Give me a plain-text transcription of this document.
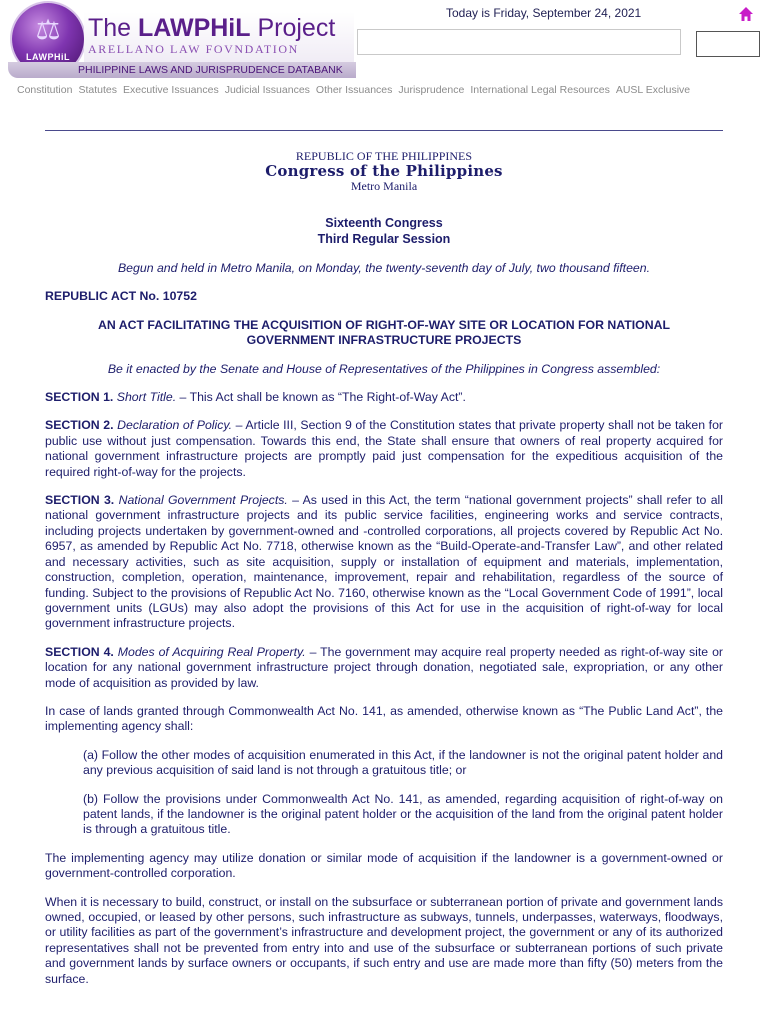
⚖
LAWPHiL
The LAWPHiL Project
ARELLANO LAW FOVNDATION
PHILIPPINE LAWS AND JURISPRUDENCE DATABANK
Today is Friday, September 24, 2021
Constitution Statutes Executive Issuances Judicial Issuances Other Issuances Jurisprudence International Legal Resources AUSL Exclusive
REPUBLIC OF THE PHILIPPINES
Congress of the Philippines
Metro Manila
Sixteenth Congress
Third Regular Session
Begun and held in Metro Manila, on Monday, the twenty-seventh day of July, two thousand fifteen.
REPUBLIC ACT No. 10752
AN ACT FACILITATING THE ACQUISITION OF RIGHT-OF-WAY SITE OR LOCATION FOR NATIONAL GOVERNMENT INFRASTRUCTURE PROJECTS
Be it enacted by the Senate and House of Representatives of the Philippines in Congress assembled:

SECTION 1. Short Title. – This Act shall be known as “The Right-of-Way Act”.

SECTION 2. Declaration of Policy. – Article III, Section 9 of the Constitution states that private property shall not be taken for public use without just compensation. Towards this end, the State shall ensure that owners of real property acquired for national government infrastructure projects are promptly paid just compensation for the expeditious acquisition of the required right-of-way for the projects.

SECTION 3. National Government Projects. – As used in this Act, the term “national government projects” shall refer to all national government infrastructure projects and its public service facilities, engineering works and service contracts, including projects undertaken by government-owned and -controlled corporations, all projects covered by Republic Act No. 6957, as amended by Republic Act No. 7718, otherwise known as the “Build-Operate-and-Transfer Law”, and other related and necessary activities, such as site acquisition, supply or installation of equipment and materials, implementation, construction, completion, operation, maintenance, improvement, repair and rehabilitation, regardless of the source of funding. Subject to the provisions of Republic Act No. 7160, otherwise known as the “Local Government Code of 1991”, local government units (LGUs) may also adopt the provisions of this Act for use in the acquisition of right-of-way for local government infrastructure projects.

SECTION 4. Modes of Acquiring Real Property. – The government may acquire real property needed as right-of-way site or location for any national government infrastructure project through donation, negotiated sale, expropriation, or any other mode of acquisition as provided by law.

In case of lands granted through Commonwealth Act No. 141, as amended, otherwise known as “The Public Land Act”, the implementing agency shall:

(a) Follow the other modes of acquisition enumerated in this Act, if the landowner is not the original patent holder and any previous acquisition of said land is not through a gratuitous title; or

(b) Follow the provisions under Commonwealth Act No. 141, as amended, regarding acquisition of right-of-way on patent lands, if the landowner is the original patent holder or the acquisition of the land from the original patent holder is through a gratuitous title.

The implementing agency may utilize donation or similar mode of acquisition if the landowner is a government-owned or government-controlled corporation.

When it is necessary to build, construct, or install on the subsurface or subterranean portion of private and government lands owned, occupied, or leased by other persons, such infrastructure as subways, tunnels, underpasses, waterways, floodways, or utility facilities as part of the government’s infrastructure and development project, the government or any of its authorized representatives shall not be prevented from entry into and use of the subsurface or subterranean portions of such private and government lands by surface owners or occupants, if such entry and use are made more than fifty (50) meters from the surface.
